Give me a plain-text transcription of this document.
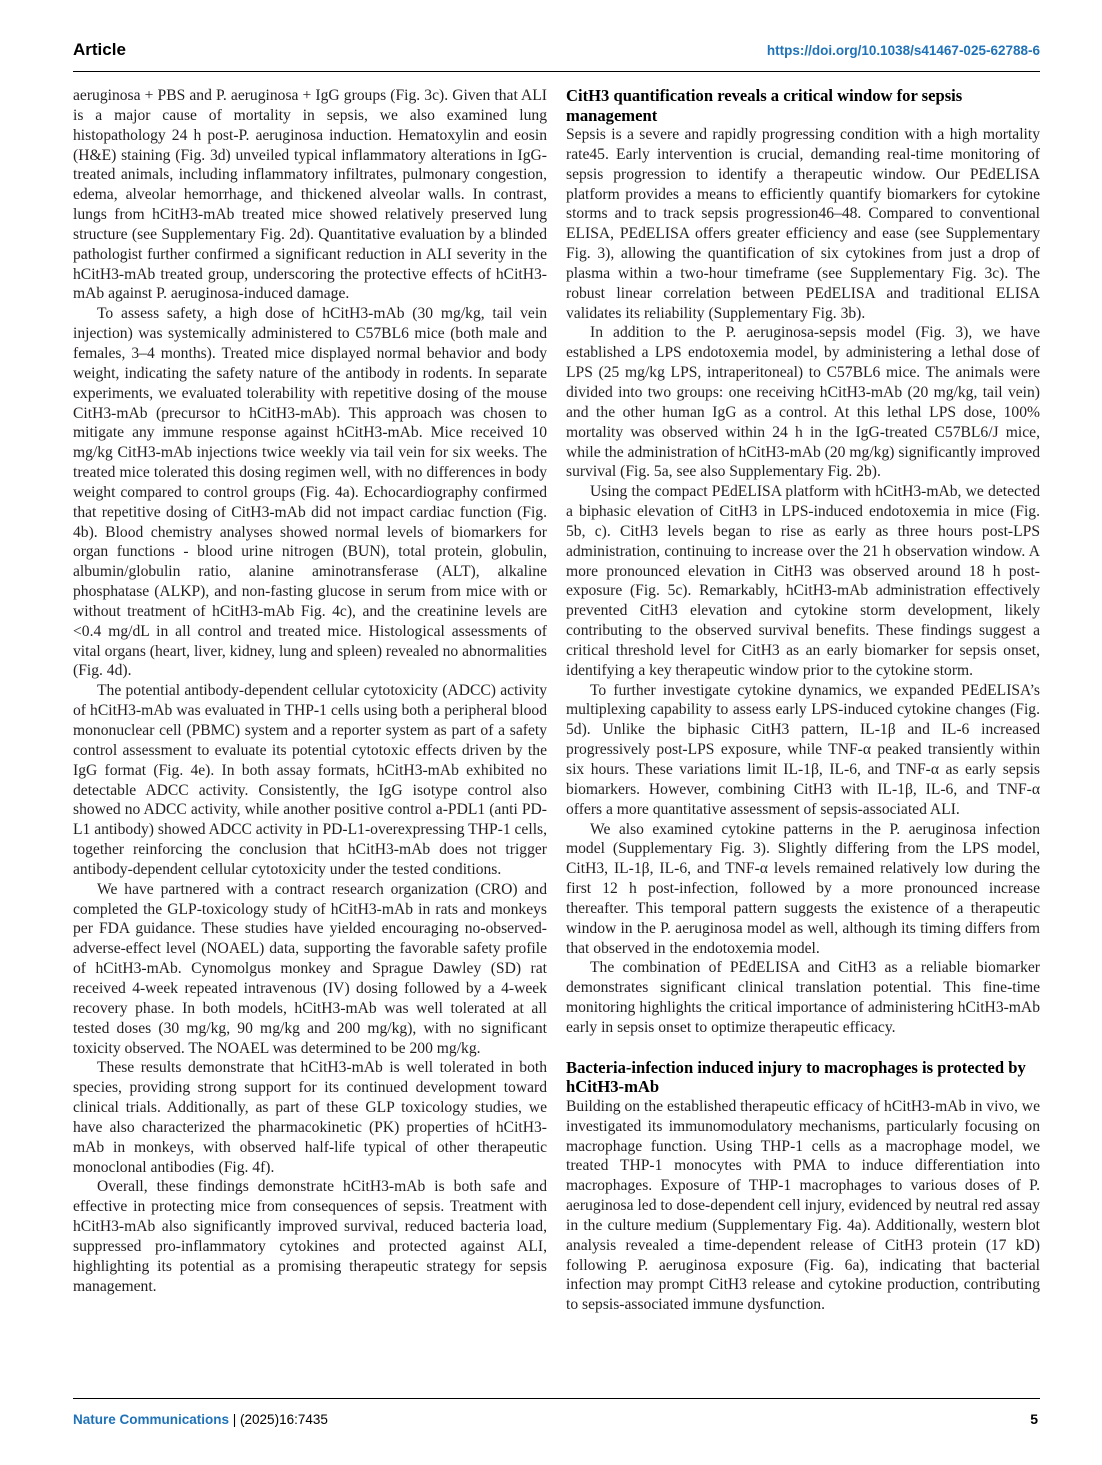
Article	https://doi.org/10.1038/s41467-025-62788-6

aeruginosa + PBS and P. aeruginosa + IgG groups (Fig. 3c). Given that ALI is a major cause of mortality in sepsis, we also examined lung histopathology 24 h post-P. aeruginosa induction. Hematoxylin and eosin (H&E) staining (Fig. 3d) unveiled typical inflammatory alterations in IgG-treated animals, including inflammatory infiltrates, pulmonary congestion, edema, alveolar hemorrhage, and thickened alveolar walls. In contrast, lungs from hCitH3-mAb treated mice showed relatively preserved lung structure (see Supplementary Fig. 2d). Quantitative evaluation by a blinded pathologist further confirmed a significant reduction in ALI severity in the hCitH3-mAb treated group, underscoring the protective effects of hCitH3-mAb against P. aeruginosa-induced damage.

To assess safety, a high dose of hCitH3-mAb (30 mg/kg, tail vein injection) was systemically administered to C57BL6 mice (both male and females, 3–4 months). Treated mice displayed normal behavior and body weight, indicating the safety nature of the antibody in rodents. In separate experiments, we evaluated tolerability with repetitive dosing of the mouse CitH3-mAb (precursor to hCitH3-mAb). This approach was chosen to mitigate any immune response against hCitH3-mAb. Mice received 10 mg/kg CitH3-mAb injections twice weekly via tail vein for six weeks. The treated mice tolerated this dosing regimen well, with no differences in body weight compared to control groups (Fig. 4a). Echocardiography confirmed that repetitive dosing of CitH3-mAb did not impact cardiac function (Fig. 4b). Blood chemistry analyses showed normal levels of biomarkers for organ functions - blood urine nitrogen (BUN), total protein, globulin, albumin/globulin ratio, alanine aminotransferase (ALT), alkaline phosphatase (ALKP), and non-fasting glucose in serum from mice with or without treatment of hCitH3-mAb Fig. 4c), and the creatinine levels are <0.4 mg/dL in all control and treated mice. Histological assessments of vital organs (heart, liver, kidney, lung and spleen) revealed no abnormalities (Fig. 4d).

The potential antibody-dependent cellular cytotoxicity (ADCC) activity of hCitH3-mAb was evaluated in THP-1 cells using both a peripheral blood mononuclear cell (PBMC) system and a reporter system as part of a safety control assessment to evaluate its potential cytotoxic effects driven by the IgG format (Fig. 4e). In both assay formats, hCitH3-mAb exhibited no detectable ADCC activity. Consistently, the IgG isotype control also showed no ADCC activity, while another positive control a-PDL1 (anti PD-L1 antibody) showed ADCC activity in PD-L1-overexpressing THP-1 cells, together reinforcing the conclusion that hCitH3-mAb does not trigger antibody-dependent cellular cytotoxicity under the tested conditions.

We have partnered with a contract research organization (CRO) and completed the GLP-toxicology study of hCitH3-mAb in rats and monkeys per FDA guidance. These studies have yielded encouraging no-observed-adverse-effect level (NOAEL) data, supporting the favorable safety profile of hCitH3-mAb. Cynomolgus monkey and Sprague Dawley (SD) rat received 4-week repeated intravenous (IV) dosing followed by a 4-week recovery phase. In both models, hCitH3-mAb was well tolerated at all tested doses (30 mg/kg, 90 mg/kg and 200 mg/kg), with no significant toxicity observed. The NOAEL was determined to be 200 mg/kg.

These results demonstrate that hCitH3-mAb is well tolerated in both species, providing strong support for its continued development toward clinical trials. Additionally, as part of these GLP toxicology studies, we have also characterized the pharmacokinetic (PK) properties of hCitH3-mAb in monkeys, with observed half-life typical of other therapeutic monoclonal antibodies (Fig. 4f).

Overall, these findings demonstrate hCitH3-mAb is both safe and effective in protecting mice from consequences of sepsis. Treatment with hCitH3-mAb also significantly improved survival, reduced bacteria load, suppressed pro-inflammatory cytokines and protected against ALI, highlighting its potential as a promising therapeutic strategy for sepsis management.

CitH3 quantification reveals a critical window for sepsis management

Sepsis is a severe and rapidly progressing condition with a high mortality rate45. Early intervention is crucial, demanding real-time monitoring of sepsis progression to identify a therapeutic window. Our PEdELISA platform provides a means to efficiently quantify biomarkers for cytokine storms and to track sepsis progression46–48. Compared to conventional ELISA, PEdELISA offers greater efficiency and ease (see Supplementary Fig. 3), allowing the quantification of six cytokines from just a drop of plasma within a two-hour timeframe (see Supplementary Fig. 3c). The robust linear correlation between PEdELISA and traditional ELISA validates its reliability (Supplementary Fig. 3b).

In addition to the P. aeruginosa-sepsis model (Fig. 3), we have established a LPS endotoxemia model, by administering a lethal dose of LPS (25 mg/kg LPS, intraperitoneal) to C57BL6 mice. The animals were divided into two groups: one receiving hCitH3-mAb (20 mg/kg, tail vein) and the other human IgG as a control. At this lethal LPS dose, 100% mortality was observed within 24 h in the IgG-treated C57BL6/J mice, while the administration of hCitH3-mAb (20 mg/kg) significantly improved survival (Fig. 5a, see also Supplementary Fig. 2b).

Using the compact PEdELISA platform with hCitH3-mAb, we detected a biphasic elevation of CitH3 in LPS-induced endotoxemia in mice (Fig. 5b, c). CitH3 levels began to rise as early as three hours post-LPS administration, continuing to increase over the 21 h observation window. A more pronounced elevation in CitH3 was observed around 18 h post-exposure (Fig. 5c). Remarkably, hCitH3-mAb administration effectively prevented CitH3 elevation and cytokine storm development, likely contributing to the observed survival benefits. These findings suggest a critical threshold level for CitH3 as an early biomarker for sepsis onset, identifying a key therapeutic window prior to the cytokine storm.

To further investigate cytokine dynamics, we expanded PEdELISA’s multiplexing capability to assess early LPS-induced cytokine changes (Fig. 5d). Unlike the biphasic CitH3 pattern, IL-1β and IL-6 increased progressively post-LPS exposure, while TNF-α peaked transiently within six hours. These variations limit IL-1β, IL-6, and TNF-α as early sepsis biomarkers. However, combining CitH3 with IL-1β, IL-6, and TNF-α offers a more quantitative assessment of sepsis-associated ALI.

We also examined cytokine patterns in the P. aeruginosa infection model (Supplementary Fig. 3). Slightly differing from the LPS model, CitH3, IL-1β, IL-6, and TNF-α levels remained relatively low during the first 12 h post-infection, followed by a more pronounced increase thereafter. This temporal pattern suggests the existence of a therapeutic window in the P. aeruginosa model as well, although its timing differs from that observed in the endotoxemia model.

The combination of PEdELISA and CitH3 as a reliable biomarker demonstrates significant clinical translation potential. This fine-time monitoring highlights the critical importance of administering hCitH3-mAb early in sepsis onset to optimize therapeutic efficacy.

Bacteria-infection induced injury to macrophages is protected by hCitH3-mAb

Building on the established therapeutic efficacy of hCitH3-mAb in vivo, we investigated its immunomodulatory mechanisms, particularly focusing on macrophage function. Using THP-1 cells as a macrophage model, we treated THP-1 monocytes with PMA to induce differentiation into macrophages. Exposure of THP-1 macrophages to various doses of P. aeruginosa led to dose-dependent cell injury, evidenced by neutral red assay in the culture medium (Supplementary Fig. 4a). Additionally, western blot analysis revealed a time-dependent release of CitH3 protein (17 kD) following P. aeruginosa exposure (Fig. 6a), indicating that bacterial infection may prompt CitH3 release and cytokine production, contributing to sepsis-associated immune dysfunction.

Nature Communications | (2025)16:7435	5
